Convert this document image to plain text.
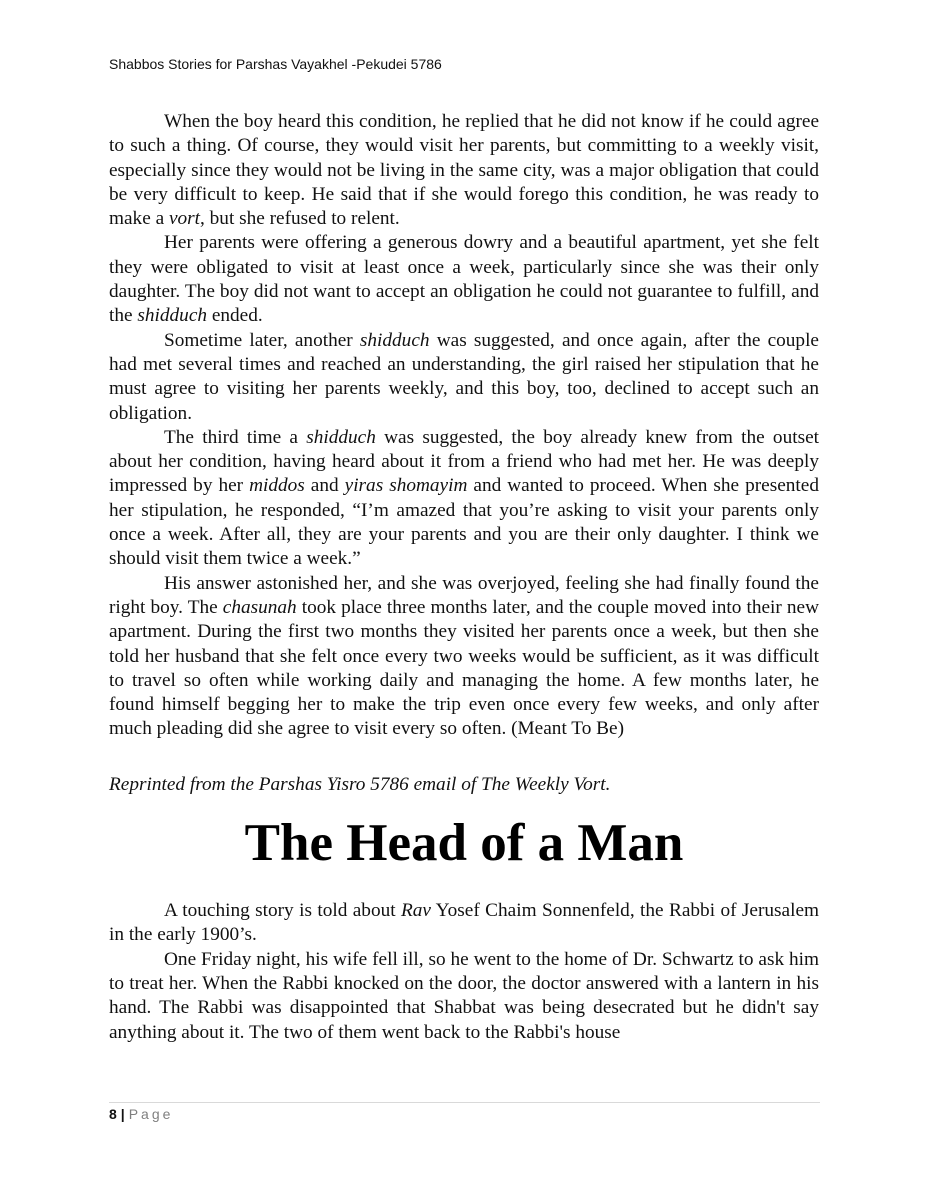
Shabbos Stories for Parshas Vayakhel -Pekudei 5786

When the boy heard this condition, he replied that he did not know if he could agree to such a thing. Of course, they would visit her parents, but committing to a weekly visit, especially since they would not be living in the same city, was a major obligation that could be very difficult to keep. He said that if she would forego this condition, he was ready to make a vort, but she refused to relent.

Her parents were offering a generous dowry and a beautiful apartment, yet she felt they were obligated to visit at least once a week, particularly since she was their only daughter. The boy did not want to accept an obligation he could not guarantee to fulfill, and the shidduch ended.

Sometime later, another shidduch was suggested, and once again, after the couple had met several times and reached an understanding, the girl raised her stipulation that he must agree to visiting her parents weekly, and this boy, too, declined to accept such an obligation.

The third time a shidduch was suggested, the boy already knew from the outset about her condition, having heard about it from a friend who had met her. He was deeply impressed by her middos and yiras shomayim and wanted to proceed. When she presented her stipulation, he responded, “I’m amazed that you’re asking to visit your parents only once a week. After all, they are your parents and you are their only daughter. I think we should visit them twice a week.”

His answer astonished her, and she was overjoyed, feeling she had finally found the right boy. The chasunah took place three months later, and the couple moved into their new apartment. During the first two months they visited her parents once a week, but then she told her husband that she felt once every two weeks would be sufficient, as it was difficult to travel so often while working daily and managing the home. A few months later, he found himself begging her to make the trip even once every few weeks, and only after much pleading did she agree to visit every so often. (Meant To Be)

Reprinted from the Parshas Yisro 5786 email of The Weekly Vort.

The Head of a Man

A touching story is told about Rav Yosef Chaim Sonnenfeld, the Rabbi of Jerusalem in the early 1900’s.

One Friday night, his wife fell ill, so he went to the home of Dr. Schwartz to ask him to treat her. When the Rabbi knocked on the door, the doctor answered with a lantern in his hand. The Rabbi was disappointed that Shabbat was being desecrated but he didn't say anything about it. The two of them went back to the Rabbi's house

8 | Page
